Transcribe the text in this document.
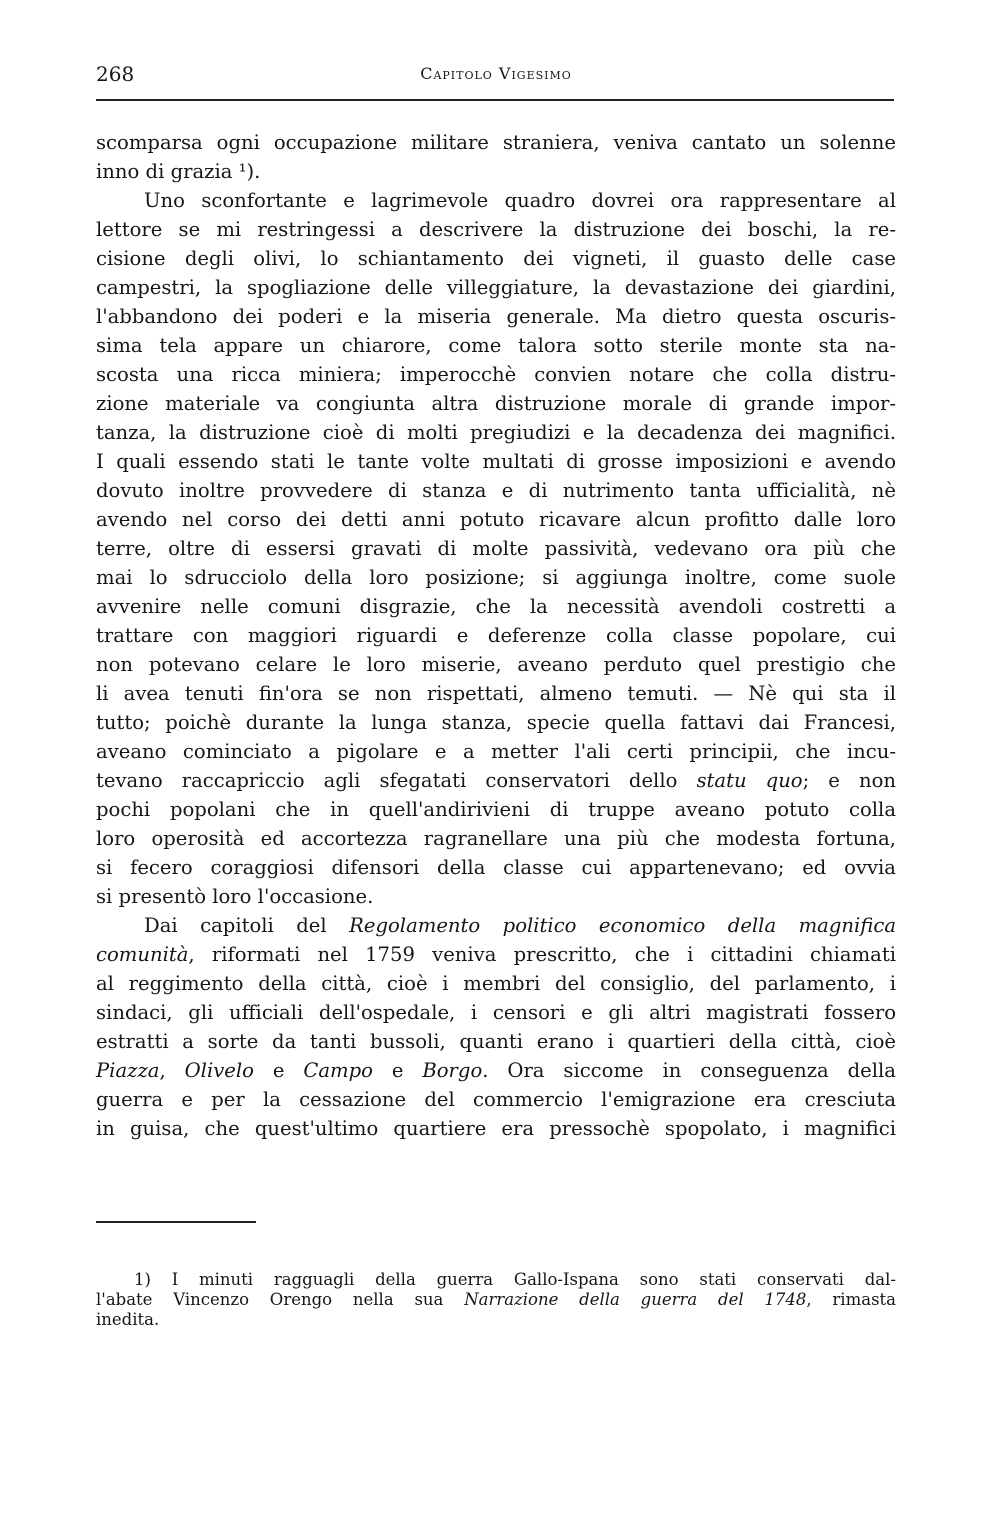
268	Capitolo Vigesimo
scomparsa ogni occupazione militare straniera, veniva cantato un solenne
inno di grazia ¹).
Uno sconfortante e lagrimevole quadro dovrei ora rappresentare al
lettore se mi restringessi a descrivere la distruzione dei boschi, la re-
cisione degli olivi, lo schiantamento dei vigneti, il guasto delle case
campestri, la spogliazione delle villeggiature, la devastazione dei giardini,
l'abbandono dei poderi e la miseria generale. Ma dietro questa oscuris-
sima tela appare un chiarore, come talora sotto sterile monte sta na-
scosta una ricca miniera; imperocchè convien notare che colla distru-
zione materiale va congiunta altra distruzione morale di grande impor-
tanza, la distruzione cioè di molti pregiudizi e la decadenza dei magnifici.
I quali essendo stati le tante volte multati di grosse imposizioni e avendo
dovuto inoltre provvedere di stanza e di nutrimento tanta ufficialità, nè
avendo nel corso dei detti anni potuto ricavare alcun profitto dalle loro
terre, oltre di essersi gravati di molte passività, vedevano ora più che
mai lo sdrucciolo della loro posizione; si aggiunga inoltre, come suole
avvenire nelle comuni disgrazie, che la necessità avendoli costretti a
trattare con maggiori riguardi e deferenze colla classe popolare, cui
non potevano celare le loro miserie, aveano perduto quel prestigio che
li avea tenuti fin'ora se non rispettati, almeno temuti. — Nè qui sta il
tutto; poichè durante la lunga stanza, specie quella fattavi dai Francesi,
aveano cominciato a pigolare e a metter l'ali certi principii, che incu-
tevano raccapriccio agli sfegatati conservatori dello statu quo; e non
pochi popolani che in quell'andirivieni di truppe aveano potuto colla
loro operosità ed accortezza ragranellare una più che modesta fortuna,
si fecero coraggiosi difensori della classe cui appartenevano; ed ovvia
si presentò loro l'occasione.
Dai capitoli del Regolamento politico economico della magnifica
comunità, riformati nel 1759 veniva prescritto, che i cittadini chiamati
al reggimento della città, cioè i membri del consiglio, del parlamento, i
sindaci, gli ufficiali dell'ospedale, i censori e gli altri magistrati fossero
estratti a sorte da tanti bussoli, quanti erano i quartieri della città, cioè
Piazza, Olivelo e Campo e Borgo. Ora siccome in conseguenza della
guerra e per la cessazione del commercio l'emigrazione era cresciuta
in guisa, che quest'ultimo quartiere era pressochè spopolato, i magnifici
1) I minuti ragguagli della guerra Gallo-Ispana sono stati conservati dal-
l'abate Vincenzo Orengo nella sua Narrazione della guerra del 1748, rimasta
inedita.
